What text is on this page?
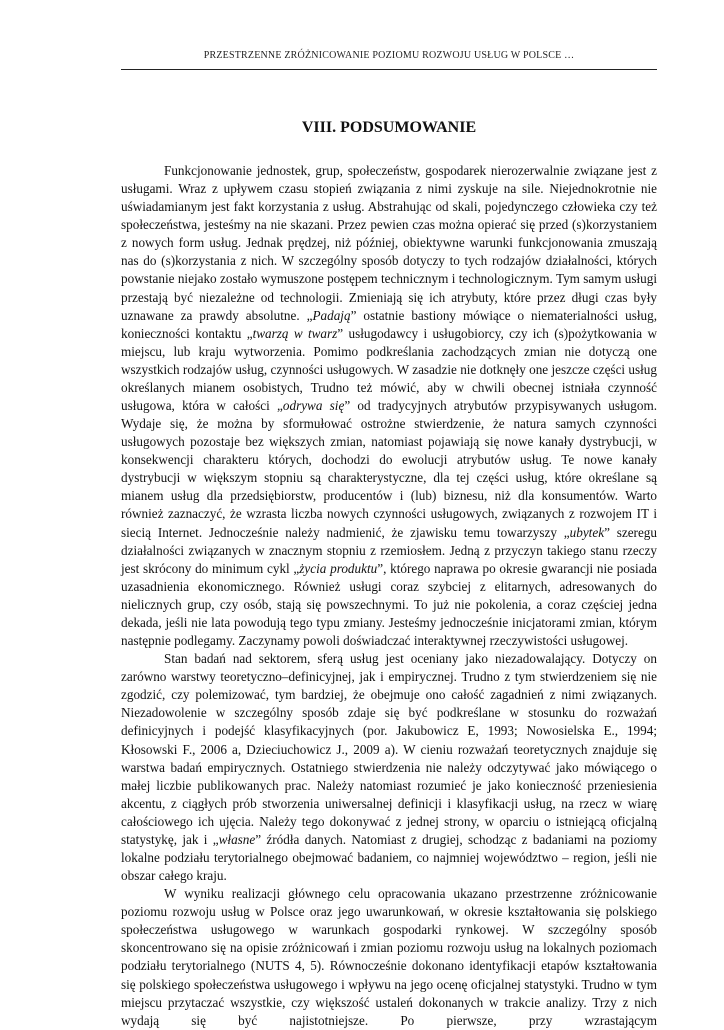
PRZESTRZENNE ZRÓŻNICOWANIE POZIOMU ROZWOJU USŁUG W POLSCE …
VIII. PODSUMOWANIE

Funkcjonowanie jednostek, grup, społeczeństw, gospodarek nierozerwalnie związane jest z usługami. Wraz z upływem czasu stopień związania z nimi zyskuje na sile. Niejednokrotnie nie uświadamianym jest fakt korzystania z usług. Abstrahując od skali, pojedynczego człowieka czy też społeczeństwa, jesteśmy na nie skazani. Przez pewien czas można opierać się przed (s)korzystaniem z nowych form usług. Jednak prędzej, niż później, obiektywne warunki funkcjonowania zmuszają nas do (s)korzystania z nich. W szczególny sposób dotyczy to tych rodzajów działalności, których powstanie niejako zostało wymuszone postępem technicznym i technologicznym. Tym samym usługi przestają być niezależne od technologii. Zmieniają się ich atrybuty, które przez długi czas były uznawane za prawdy absolutne. „Padają” ostatnie bastiony mówiące o niematerialności usług, konieczności kontaktu „twarzą w twarz” usługodawcy i usługobiorcy, czy ich (s)pożytkowania w miejscu, lub kraju wytworzenia. Pomimo podkreślania zachodzących zmian nie dotyczą one wszystkich rodzajów usług, czynności usługowych. W zasadzie nie dotknęły one jeszcze części usług określanych mianem osobistych, Trudno też mówić, aby w chwili obecnej istniała czynność usługowa, która w całości „odrywa się” od tradycyjnych atrybutów przypisywanych usługom. Wydaje się, że można by sformułować ostrożne stwierdzenie, że natura samych czynności usługowych pozostaje bez większych zmian, natomiast pojawiają się nowe kanały dystrybucji, w konsekwencji charakteru których, dochodzi do ewolucji atrybutów usług. Te nowe kanały dystrybucji w większym stopniu są charakterystyczne, dla tej części usług, które określane są mianem usług dla przedsiębiorstw, producentów i (lub) biznesu, niż dla konsumentów. Warto również zaznaczyć, że wzrasta liczba nowych czynności usługowych, związanych z rozwojem IT i siecią Internet. Jednocześnie należy nadmienić, że zjawisku temu towarzyszy „ubytek” szeregu działalności związanych w znacznym stopniu z rzemiosłem. Jedną z przyczyn takiego stanu rzeczy jest skrócony do minimum cykl „życia produktu”, którego naprawa po okresie gwarancji nie posiada uzasadnienia ekonomicznego. Również usługi coraz szybciej z elitarnych, adresowanych do nielicznych grup, czy osób, stają się powszechnymi. To już nie pokolenia, a coraz częściej jedna dekada, jeśli nie lata powodują tego typu zmiany. Jesteśmy jednocześnie inicjatorami zmian, którym następnie podlegamy. Zaczynamy powoli doświadczać interaktywnej rzeczywistości usługowej.

Stan badań nad sektorem, sferą usług jest oceniany jako niezadowalający. Dotyczy on zarówno warstwy teoretyczno–definicyjnej, jak i empirycznej. Trudno z tym stwierdzeniem się nie zgodzić, czy polemizować, tym bardziej, że obejmuje ono całość zagadnień z nimi związanych. Niezadowolenie w szczególny sposób zdaje się być podkreślane w stosunku do rozważań definicyjnych i podejść klasyfikacyjnych (por. Jakubowicz E, 1993; Nowosielska E., 1994; Kłosowski F., 2006 a, Dzieciuchowicz J., 2009 a). W cieniu rozważań teoretycznych znajduje się warstwa badań empirycznych. Ostatniego stwierdzenia nie należy odczytywać jako mówiącego o małej liczbie publikowanych prac. Należy natomiast rozumieć je jako konieczność przeniesienia akcentu, z ciągłych prób stworzenia uniwersalnej definicji i klasyfikacji usług, na rzecz w wiarę całościowego ich ujęcia. Należy tego dokonywać z jednej strony, w oparciu o istniejącą oficjalną statystykę, jak i „własne” źródła danych. Natomiast z drugiej, schodząc z badaniami na poziomy lokalne podziału terytorialnego obejmować badaniem, co najmniej województwo – region, jeśli nie obszar całego kraju.

W wyniku realizacji głównego celu opracowania ukazano przestrzenne zróżnicowanie poziomu rozwoju usług w Polsce oraz jego uwarunkowań, w okresie kształtowania się polskiego społeczeństwa usługowego w warunkach gospodarki rynkowej. W szczególny sposób skoncentrowano się na opisie zróżnicowań i zmian poziomu rozwoju usług na lokalnych poziomach podziału terytorialnego (NUTS 4, 5). Równocześnie dokonano identyfikacji etapów kształtowania się polskiego społeczeństwa usługowego i wpływu na jego ocenę oficjalnej statystyki. Trudno w tym miejscu przytaczać wszystkie, czy większość ustaleń dokonanych w trakcie analizy. Trzy z nich wydają się być najistotniejsze. Po pierwsze, przy wzrastającym
